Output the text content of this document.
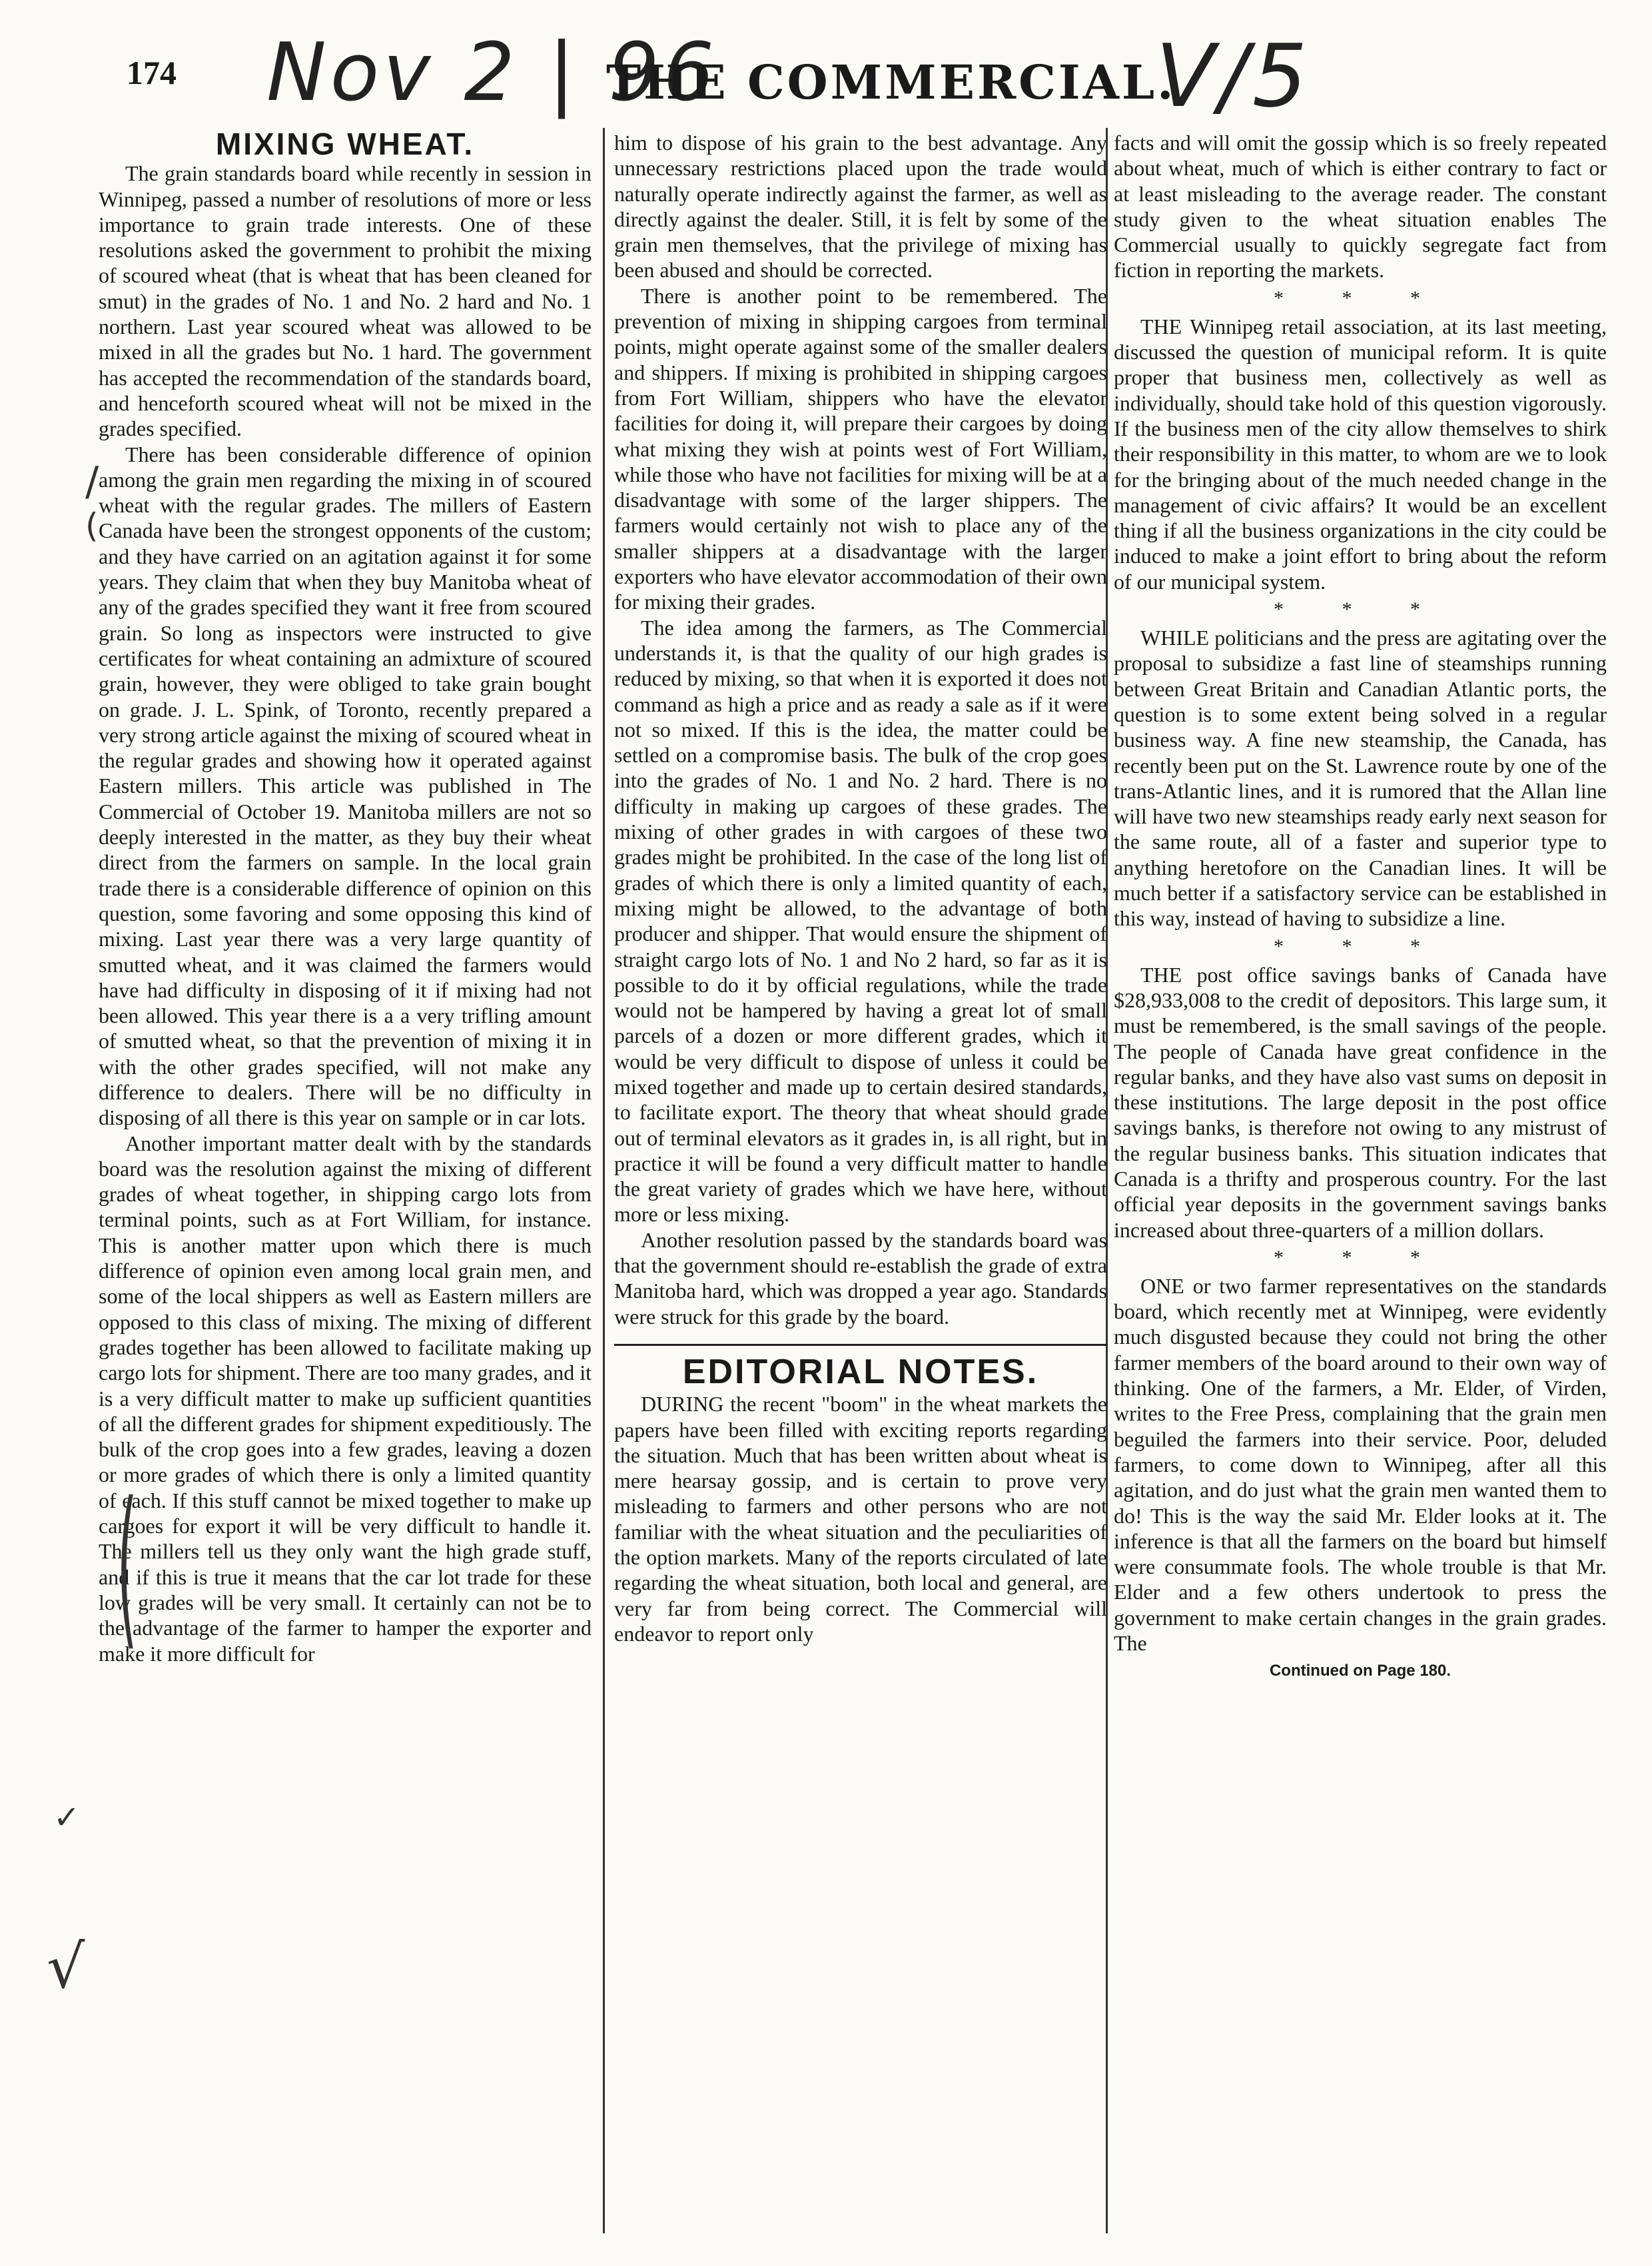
174 Nov 2 | 96
THE COMMERCIAL.
V/5
MIXING WHEAT.

The grain standards board while recently in session in Winnipeg, passed a number of resolutions of more or less importance to grain trade interests. One of these resolutions asked the government to prohibit the mixing of scoured wheat (that is wheat that has been cleaned for smut) in the grades of No. 1 and No. 2 hard and No. 1 northern. Last year scoured wheat was allowed to be mixed in all the grades but No. 1 hard. The government has accepted the recommendation of the standards board, and henceforth scoured wheat will not be mixed in the grades specified.

There has been considerable difference of opinion among the grain men regarding the mixing in of scoured wheat with the regular grades. The millers of Eastern Canada have been the strongest opponents of the custom; and they have carried on an agitation against it for some years. They claim that when they buy Manitoba wheat of any of the grades specified they want it free from scoured grain. So long as inspectors were instructed to give certificates for wheat containing an admixture of scoured grain, however, they were obliged to take grain bought on grade. J. L. Spink, of Toronto, recently prepared a very strong article against the mixing of scoured wheat in the regular grades and showing how it operated against Eastern millers. This article was published in The Commercial of October 19. Manitoba millers are not so deeply interested in the matter, as they buy their wheat direct from the farmers on sample. In the local grain trade there is a considerable difference of opinion on this question, some favoring and some opposing this kind of mixing. Last year there was a very large quantity of smutted wheat, and it was claimed the farmers would have had difficulty in disposing of it if mixing had not been allowed. This year there is a a very trifling amount of smutted wheat, so that the prevention of mixing it in with the other grades specified, will not make any difference to dealers. There will be no difficulty in disposing of all there is this year on sample or in car lots.

Another important matter dealt with by the standards board was the resolution against the mixing of different grades of wheat together, in shipping cargo lots from terminal points, such as at Fort William, for instance. This is another matter upon which there is much difference of opinion even among local grain men, and some of the local shippers as well as Eastern millers are opposed to this class of mixing. The mixing of different grades together has been allowed to facilitate making up cargo lots for shipment. There are too many grades, and it is a very difficult matter to make up sufficient quantities of all the different grades for shipment expeditiously. The bulk of the crop goes into a few grades, leaving a dozen or more grades of which there is only a limited quantity of each. If this stuff cannot be mixed together to make up cargoes for export it will be very difficult to handle it. The millers tell us they only want the high grade stuff, and if this is true it means that the car lot trade for these low grades will be very small. It certainly can not be to the advantage of the farmer to hamper the exporter and make it more difficult for

him to dispose of his grain to the best advantage. Any unnecessary restrictions placed upon the trade would naturally operate indirectly against the farmer, as well as directly against the dealer. Still, it is felt by some of the grain men themselves, that the privilege of mixing has been abused and should be corrected.

There is another point to be remembered. The prevention of mixing in shipping cargoes from terminal points, might operate against some of the smaller dealers and shippers. If mixing is prohibited in shipping cargoes from Fort William, shippers who have the elevator facilities for doing it, will prepare their cargoes by doing what mixing they wish at points west of Fort William, while those who have not facilities for mixing will be at a disadvantage with some of the larger shippers. The farmers would certainly not wish to place any of the smaller shippers at a disadvantage with the larger exporters who have elevator accommodation of their own for mixing their grades.

The idea among the farmers, as The Commercial understands it, is that the quality of our high grades is reduced by mixing, so that when it is exported it does not command as high a price and as ready a sale as if it were not so mixed. If this is the idea, the matter could be settled on a compromise basis. The bulk of the crop goes into the grades of No. 1 and No. 2 hard. There is no difficulty in making up cargoes of these grades. The mixing of other grades in with cargoes of these two grades might be prohibited. In the case of the long list of grades of which there is only a limited quantity of each, mixing might be allowed, to the advantage of both producer and shipper. That would ensure the shipment of straight cargo lots of No. 1 and No 2 hard, so far as it is possible to do it by official regulations, while the trade would not be hampered by having a great lot of small parcels of a dozen or more different grades, which it would be very difficult to dispose of unless it could be mixed together and made up to certain desired standards, to facilitate export. The theory that wheat should grade out of terminal elevators as it grades in, is all right, but in practice it will be found a very difficult matter to handle the great variety of grades which we have here, without more or less mixing.

Another resolution passed by the standards board was that the government should re-establish the grade of extra Manitoba hard, which was dropped a year ago. Standards were struck for this grade by the board.

EDITORIAL NOTES.

DURING the recent "boom" in the wheat markets the papers have been filled with exciting reports regarding the situation. Much that has been written about wheat is mere hearsay gossip, and is certain to prove very misleading to farmers and other persons who are not familiar with the wheat situation and the peculiarities of the option markets. Many of the reports circulated of late regarding the wheat situation, both local and general, are very far from being correct. The Commercial will endeavor to report only

facts and will omit the gossip which is so freely repeated about wheat, much of which is either contrary to fact or at least misleading to the average reader. The constant study given to the wheat situation enables The Commercial usually to quickly segregate fact from fiction in reporting the markets.

* * *

THE Winnipeg retail association, at its last meeting, discussed the question of municipal reform. It is quite proper that business men, collectively as well as individually, should take hold of this question vigorously. If the business men of the city allow themselves to shirk their responsibility in this matter, to whom are we to look for the bringing about of the much needed change in the management of civic affairs? It would be an excellent thing if all the business organizations in the city could be induced to make a joint effort to bring about the reform of our municipal system.

* * *

WHILE politicians and the press are agitating over the proposal to subsidize a fast line of steamships running between Great Britain and Canadian Atlantic ports, the question is to some extent being solved in a regular business way. A fine new steamship, the Canada, has recently been put on the St. Lawrence route by one of the trans-Atlantic lines, and it is rumored that the Allan line will have two new steamships ready early next season for the same route, all of a faster and superior type to anything heretofore on the Canadian lines. It will be much better if a satisfactory service can be established in this way, instead of having to subsidize a line.

* * *

THE post office savings banks of Canada have $28,933,008 to the credit of depositors. This large sum, it must be remembered, is the small savings of the people. The people of Canada have great confidence in the regular banks, and they have also vast sums on deposit in these institutions. The large deposit in the post office savings banks, is therefore not owing to any mistrust of the regular business banks. This situation indicates that Canada is a thrifty and prosperous country. For the last official year deposits in the government savings banks increased about three-quarters of a million dollars.

* * *

ONE or two farmer representatives on the standards board, which recently met at Winnipeg, were evidently much disgusted because they could not bring the other farmer members of the board around to their own way of thinking. One of the farmers, a Mr. Elder, of Virden, writes to the Free Press, complaining that the grain men beguiled the farmers into their service. Poor, deluded farmers, to come down to Winnipeg, after all this agitation, and do just what the grain men wanted them to do! This is the way the said Mr. Elder looks at it. The inference is that all the farmers on the board but himself were consummate fools. The whole trouble is that Mr. Elder and a few others undertook to press the government to make certain changes in the grain grades. The

Continued on Page 180.
/
(
(
✓
√
